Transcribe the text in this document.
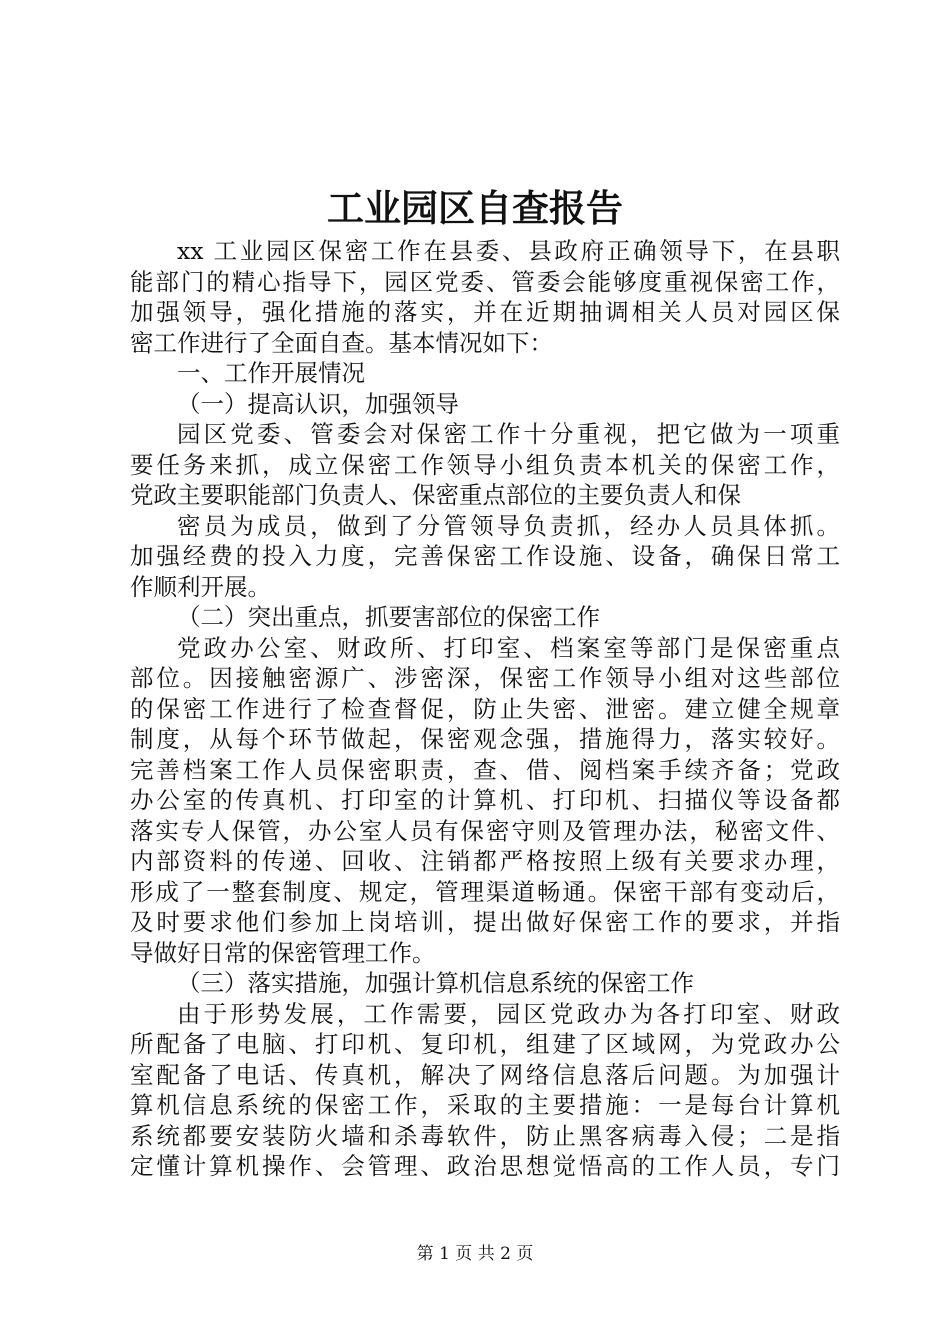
工业园区自查报告
xx 工业园区保密工作在县委、县政府正确领导下，在县职
能部门的精心指导下，园区党委、管委会能够度重视保密工作，
加强领导，强化措施的落实，并在近期抽调相关人员对园区保
密工作进行了全面自查。基本情况如下：
一、工作开展情况
（一）提高认识，加强领导
园区党委、管委会对保密工作十分重视，把它做为一项重
要任务来抓，成立保密工作领导小组负责本机关的保密工作，
党政主要职能部门负责人、保密重点部位的主要负责人和保
密员为成员，做到了分管领导负责抓，经办人员具体抓。
加强经费的投入力度，完善保密工作设施、设备，确保日常工
作顺利开展。
（二）突出重点，抓要害部位的保密工作
党政办公室、财政所、打印室、档案室等部门是保密重点
部位。因接触密源广、涉密深，保密工作领导小组对这些部位
的保密工作进行了检查督促，防止失密、泄密。建立健全规章
制度，从每个环节做起，保密观念强，措施得力，落实较好。
完善档案工作人员保密职责，查、借、阅档案手续齐备；党政
办公室的传真机、打印室的计算机、打印机、扫描仪等设备都
落实专人保管，办公室人员有保密守则及管理办法，秘密文件、
内部资料的传递、回收、注销都严格按照上级有关要求办理，
形成了一整套制度、规定，管理渠道畅通。保密干部有变动后，
及时要求他们参加上岗培训，提出做好保密工作的要求，并指
导做好日常的保密管理工作。
（三）落实措施，加强计算机信息系统的保密工作
由于形势发展，工作需要，园区党政办为各打印室、财政
所配备了电脑、打印机、复印机，组建了区域网，为党政办公
室配备了电话、传真机，解决了网络信息落后问题。为加强计
算机信息系统的保密工作，采取的主要措施：一是每台计算机
系统都要安装防火墙和杀毒软件，防止黑客病毒入侵；二是指
定懂计算机操作、会管理、政治思想觉悟高的工作人员，专门
第 1 页 共 2 页
